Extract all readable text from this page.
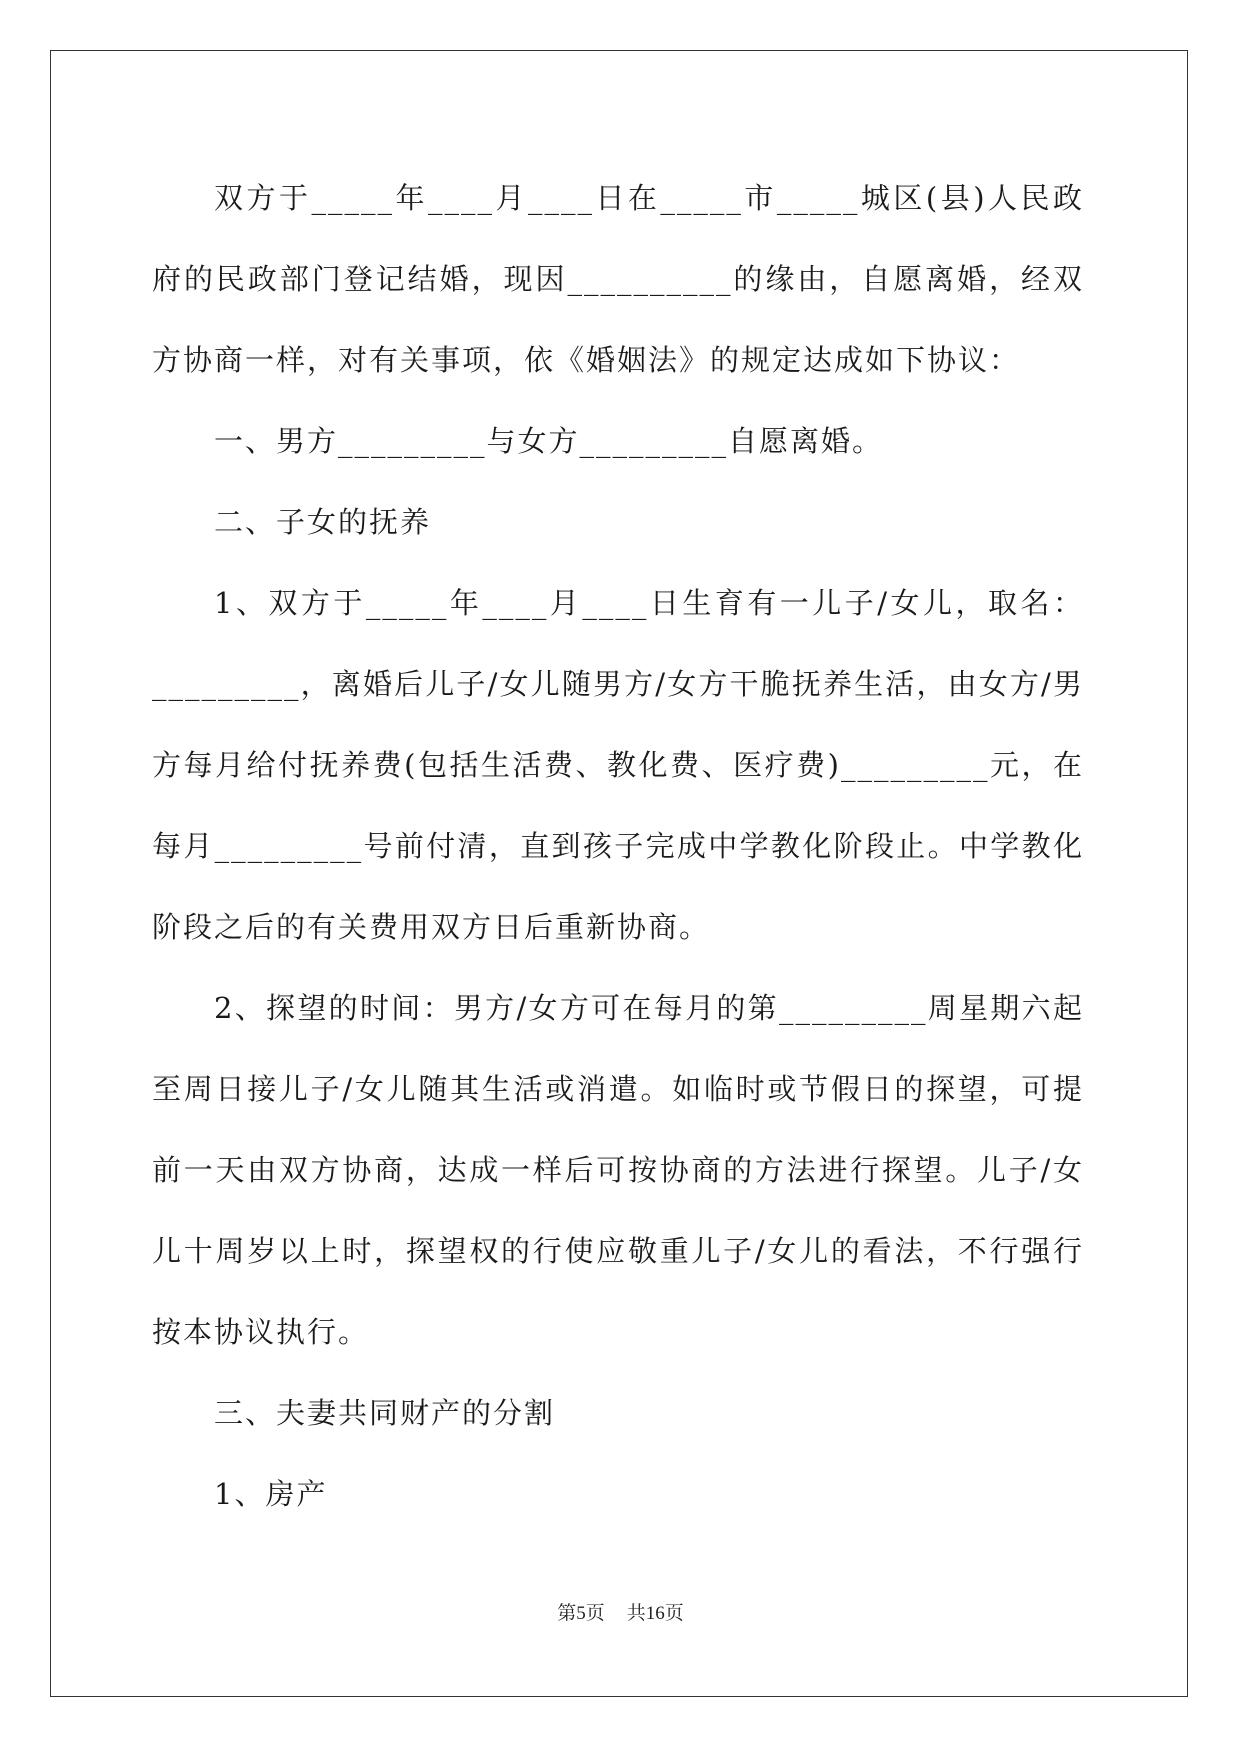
双方于_____年____月____日在_____市_____城区(县)人民政府的民政部门登记结婚，现因__________的缘由，自愿离婚，经双方协商一样，对有关事项，依《婚姻法》的规定达成如下协议：

一、男方_________与女方_________自愿离婚。

二、子女的抚养

1、双方于_____年____月____日生育有一儿子/女儿，取名：_________，离婚后儿子/女儿随男方/女方干脆抚养生活，由女方/男方每月给付抚养费(包括生活费、教化费、医疗费)_________元，在每月_________号前付清，直到孩子完成中学教化阶段止。中学教化阶段之后的有关费用双方日后重新协商。

2、探望的时间：男方/女方可在每月的第_________周星期六起至周日接儿子/女儿随其生活或消遣。如临时或节假日的探望，可提前一天由双方协商，达成一样后可按协商的方法进行探望。儿子/女儿十周岁以上时，探望权的行使应敬重儿子/女儿的看法，不行强行按本协议执行。

三、夫妻共同财产的分割

1、房产

第5页 共16页
